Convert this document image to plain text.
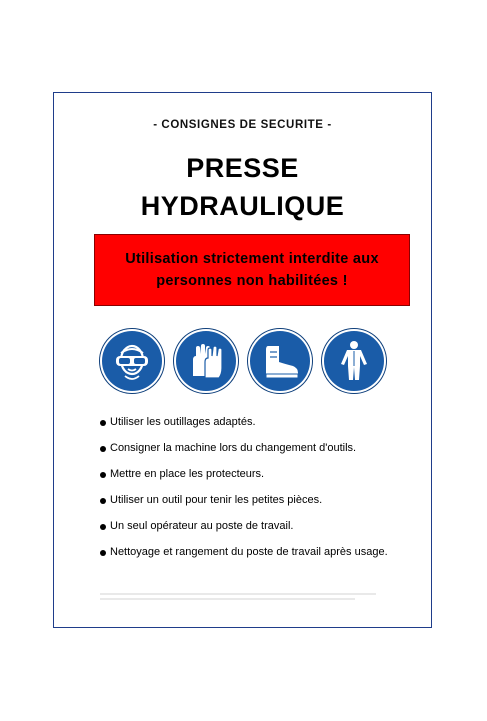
- CONSIGNES DE SECURITE -
PRESSE
HYDRAULIQUE
Utilisation strictement interdite aux personnes non habilitées !
Utiliser les outillages adaptés.
Consigner la machine lors du changement d'outils.
Mettre en place les protecteurs.
Utiliser un outil pour tenir les petites pièces.
Un seul opérateur au poste de travail.
Nettoyage et rangement du poste de travail après usage.
